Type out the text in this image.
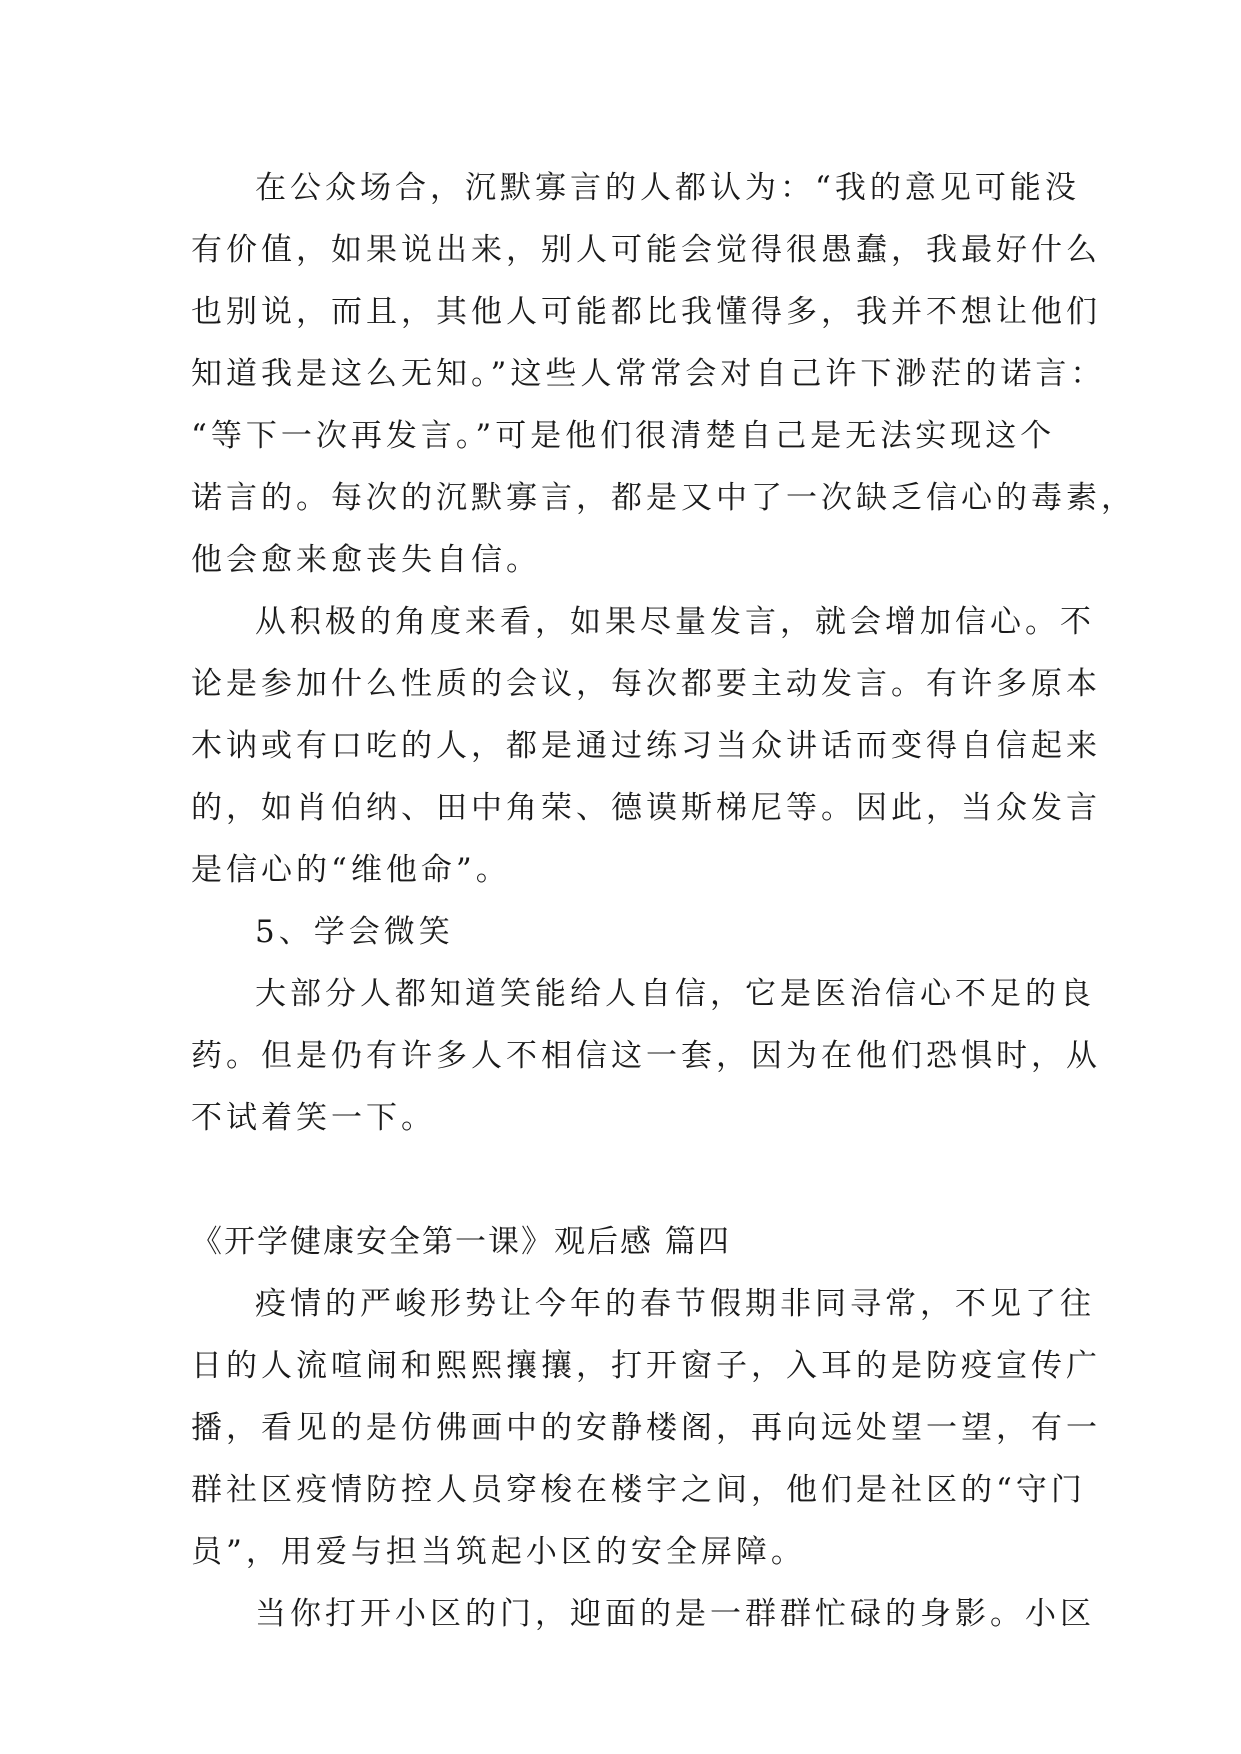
在公众场合，沉默寡言的人都认为：“我的意见可能没
有价值，如果说出来，别人可能会觉得很愚蠢，我最好什么
也别说，而且，其他人可能都比我懂得多，我并不想让他们
知道我是这么无知。”这些人常常会对自己许下渺茫的诺言：
“等下一次再发言。”可是他们很清楚自己是无法实现这个
诺言的。每次的沉默寡言，都是又中了一次缺乏信心的毒素，
他会愈来愈丧失自信。
从积极的角度来看，如果尽量发言，就会增加信心。不
论是参加什么性质的会议，每次都要主动发言。有许多原本
木讷或有口吃的人，都是通过练习当众讲话而变得自信起来
的，如肖伯纳、田中角荣、德谟斯梯尼等。因此，当众发言
是信心的“维他命”。
5、学会微笑
大部分人都知道笑能给人自信，它是医治信心不足的良
药。但是仍有许多人不相信这一套，因为在他们恐惧时，从
不试着笑一下。
《开学健康安全第一课》观后感 篇四
疫情的严峻形势让今年的春节假期非同寻常，不见了往
日的人流喧闹和熙熙攘攘，打开窗子，入耳的是防疫宣传广
播，看见的是仿佛画中的安静楼阁，再向远处望一望，有一
群社区疫情防控人员穿梭在楼宇之间，他们是社区的“守门
员”，用爱与担当筑起小区的安全屏障。
当你打开小区的门，迎面的是一群群忙碌的身影。小区
